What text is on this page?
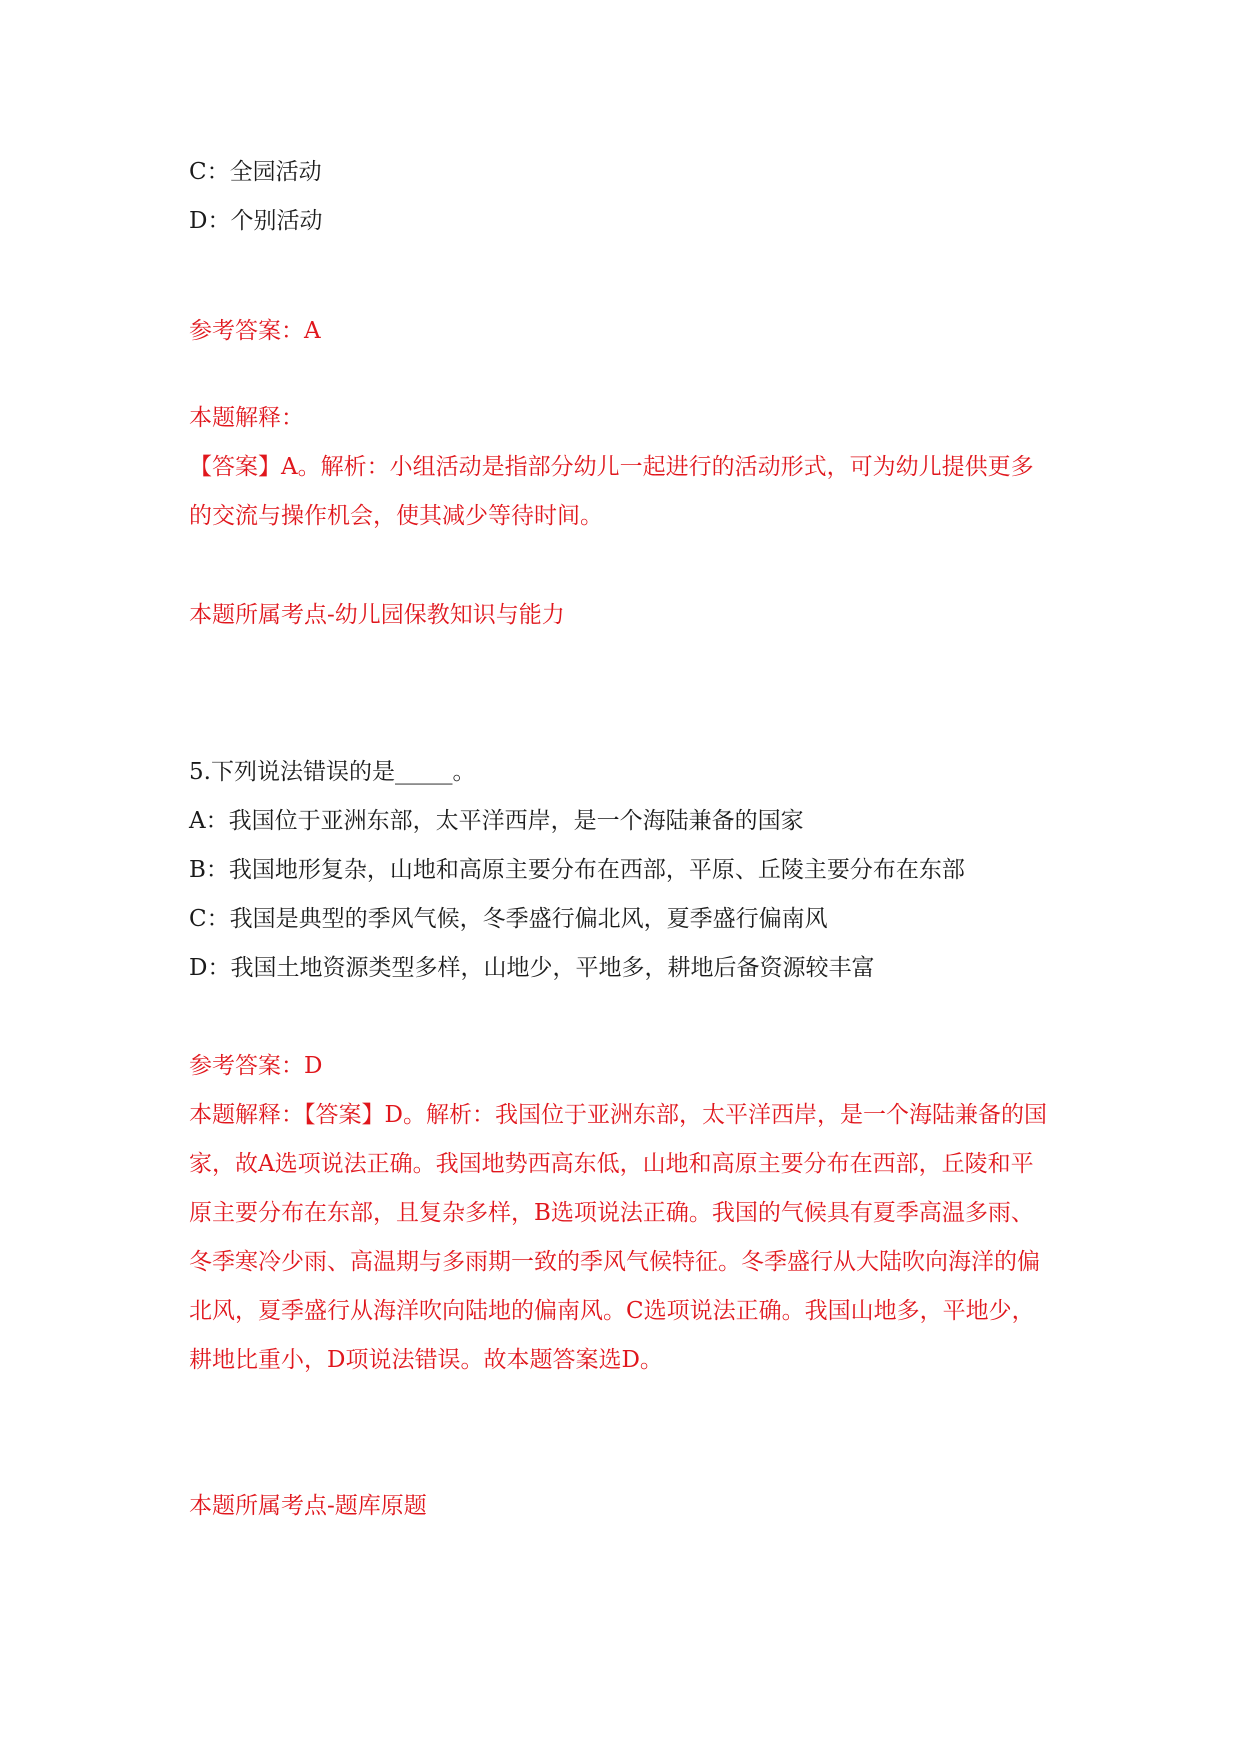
C：全园活动
D：个别活动
参考答案：A
本题解释：
【答案】A。解析：小组活动是指部分幼儿一起进行的活动形式，可为幼儿提供更多的交流与操作机会，使其减少等待时间。
本题所属考点-幼儿园保教知识与能力
5.下列说法错误的是_____。
A：我国位于亚洲东部，太平洋西岸，是一个海陆兼备的国家
B：我国地形复杂，山地和高原主要分布在西部，平原、丘陵主要分布在东部
C：我国是典型的季风气候，冬季盛行偏北风，夏季盛行偏南风
D：我国土地资源类型多样，山地少，平地多，耕地后备资源较丰富
参考答案：D
本题解释：【答案】D。解析：我国位于亚洲东部，太平洋西岸，是一个海陆兼备的国家，故A选项说法正确。我国地势西高东低，山地和高原主要分布在西部，丘陵和平原主要分布在东部，且复杂多样，B选项说法正确。我国的气候具有夏季高温多雨、冬季寒冷少雨、高温期与多雨期一致的季风气候特征。冬季盛行从大陆吹向海洋的偏北风，夏季盛行从海洋吹向陆地的偏南风。C选项说法正确。我国山地多，平地少，耕地比重小，D项说法错误。故本题答案选D。
本题所属考点-题库原题
